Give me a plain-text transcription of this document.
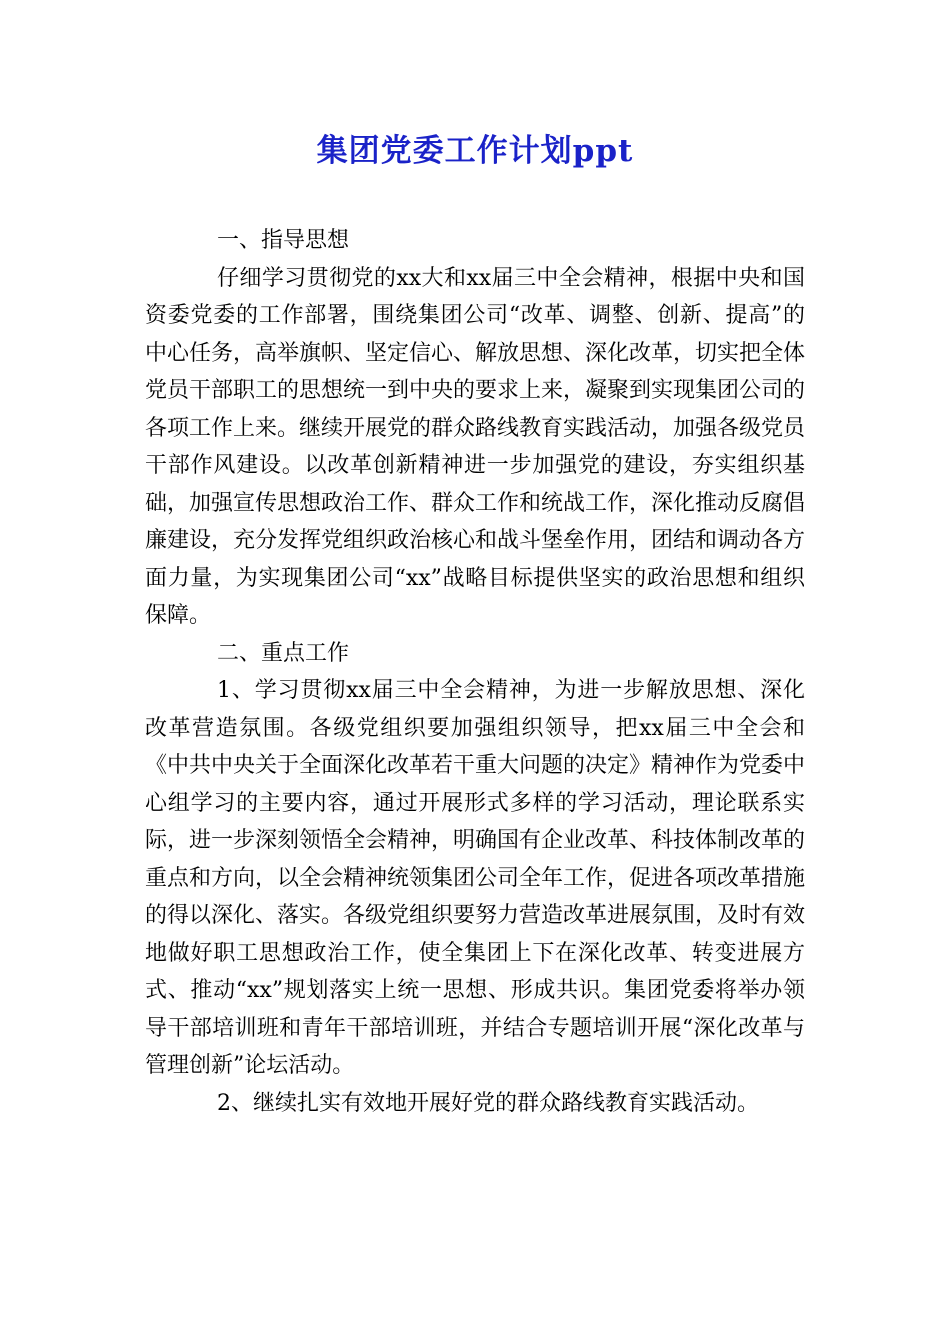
集团党委工作计划ppt

一、指导思想

仔细学习贯彻党的xx大和xx届三中全会精神，根据中央和国资委党委的工作部署，围绕集团公司“改革、调整、创新、提高”的中心任务，高举旗帜、坚定信心、解放思想、深化改革，切实把全体党员干部职工的思想统一到中央的要求上来，凝聚到实现集团公司的各项工作上来。继续开展党的群众路线教育实践活动，加强各级党员干部作风建设。以改革创新精神进一步加强党的建设，夯实组织基础，加强宣传思想政治工作、群众工作和统战工作，深化推动反腐倡廉建设，充分发挥党组织政治核心和战斗堡垒作用，团结和调动各方面力量，为实现集团公司“xx”战略目标提供坚实的政治思想和组织保障。

二、重点工作

1、学习贯彻xx届三中全会精神，为进一步解放思想、深化改革营造氛围。各级党组织要加强组织领导，把xx届三中全会和《中共中央关于全面深化改革若干重大问题的决定》精神作为党委中心组学习的主要内容，通过开展形式多样的学习活动，理论联系实际，进一步深刻领悟全会精神，明确国有企业改革、科技体制改革的重点和方向，以全会精神统领集团公司全年工作，促进各项改革措施的得以深化、落实。各级党组织要努力营造改革进展氛围，及时有效地做好职工思想政治工作，使全集团上下在深化改革、转变进展方式、推动“xx”规划落实上统一思想、形成共识。集团党委将举办领导干部培训班和青年干部培训班，并结合专题培训开展“深化改革与管理创新”论坛活动。

2、继续扎实有效地开展好党的群众路线教育实践活动。
